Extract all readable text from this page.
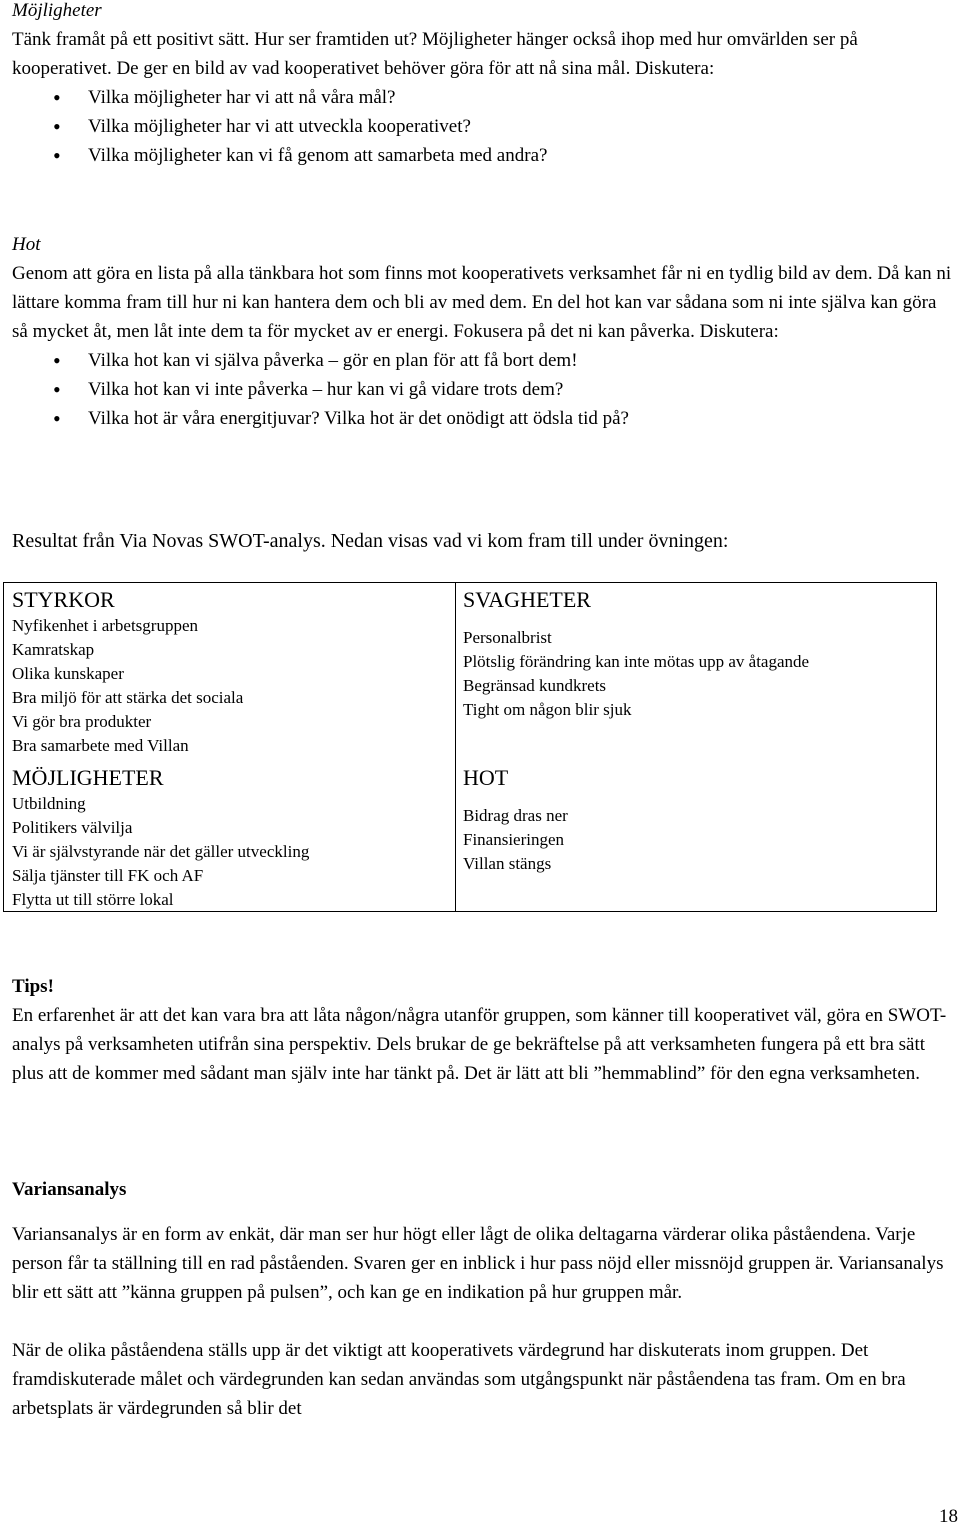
Möjligheter

Tänk framåt på ett positivt sätt. Hur ser framtiden ut? Möjligheter hänger också ihop med hur omvärlden ser på kooperativet. De ger en bild av vad kooperativet behöver göra för att nå sina mål. Diskutera:

• Vilka möjligheter har vi att nå våra mål?
• Vilka möjligheter har vi att utveckla kooperativet?
• Vilka möjligheter kan vi få genom att samarbeta med andra?
Hot

Genom att göra en lista på alla tänkbara hot som finns mot kooperativets verksamhet får ni en tydlig bild av dem. Då kan ni lättare komma fram till hur ni kan hantera dem och bli av med dem. En del hot kan var sådana som ni inte själva kan göra så mycket åt, men låt inte dem ta för mycket av er energi. Fokusera på det ni kan påverka. Diskutera:

• Vilka hot kan vi själva påverka – gör en plan för att få bort dem!
• Vilka hot kan vi inte påverka – hur kan vi gå vidare trots dem?
• Vilka hot är våra energitjuvar? Vilka hot är det onödigt att ödsla tid på?
Resultat från Via Novas SWOT-analys. Nedan visas vad vi kom fram till under övningen:
STYRKOR
Nyfikenhet i arbetsgruppen
Kamratskap
Olika kunskaper
Bra miljö för att stärka det sociala
Vi gör bra produkter
Bra samarbete med Villan
SVAGHETER
Personalbrist
Plötslig förändring kan inte mötas upp av åtagande
Begränsad kundkrets
Tight om någon blir sjuk
MÖJLIGHETER
Utbildning
Politikers välvilja
Vi är självstyrande när det gäller utveckling
Sälja tjänster till FK och AF
Flytta ut till större lokal
HOT
Bidrag dras ner
Finansieringen
Villan stängs
Tips!

En erfarenhet är att det kan vara bra att låta någon/några utanför gruppen, som känner till kooperativet väl, göra en SWOT-analys på verksamheten utifrån sina perspektiv. Dels brukar de ge bekräftelse på att verksamheten fungera på ett bra sätt plus att de kommer med sådant man själv inte har tänkt på. Det är lätt att bli ”hemmablind” för den egna verksamheten.

Variansanalys

Variansanalys är en form av enkät, där man ser hur högt eller lågt de olika deltagarna värderar olika påståendena. Varje person får ta ställning till en rad påståenden. Svaren ger en inblick i hur pass nöjd eller missnöjd gruppen är. Variansanalys blir ett sätt att ”känna gruppen på pulsen”, och kan ge en indikation på hur gruppen mår.

När de olika påståendena ställs upp är det viktigt att kooperativets värdegrund har diskuterats inom gruppen. Det framdiskuterade målet och värdegrunden kan sedan användas som utgångspunkt när påståendena tas fram. Om en bra arbetsplats är värdegrunden så blir det

18
